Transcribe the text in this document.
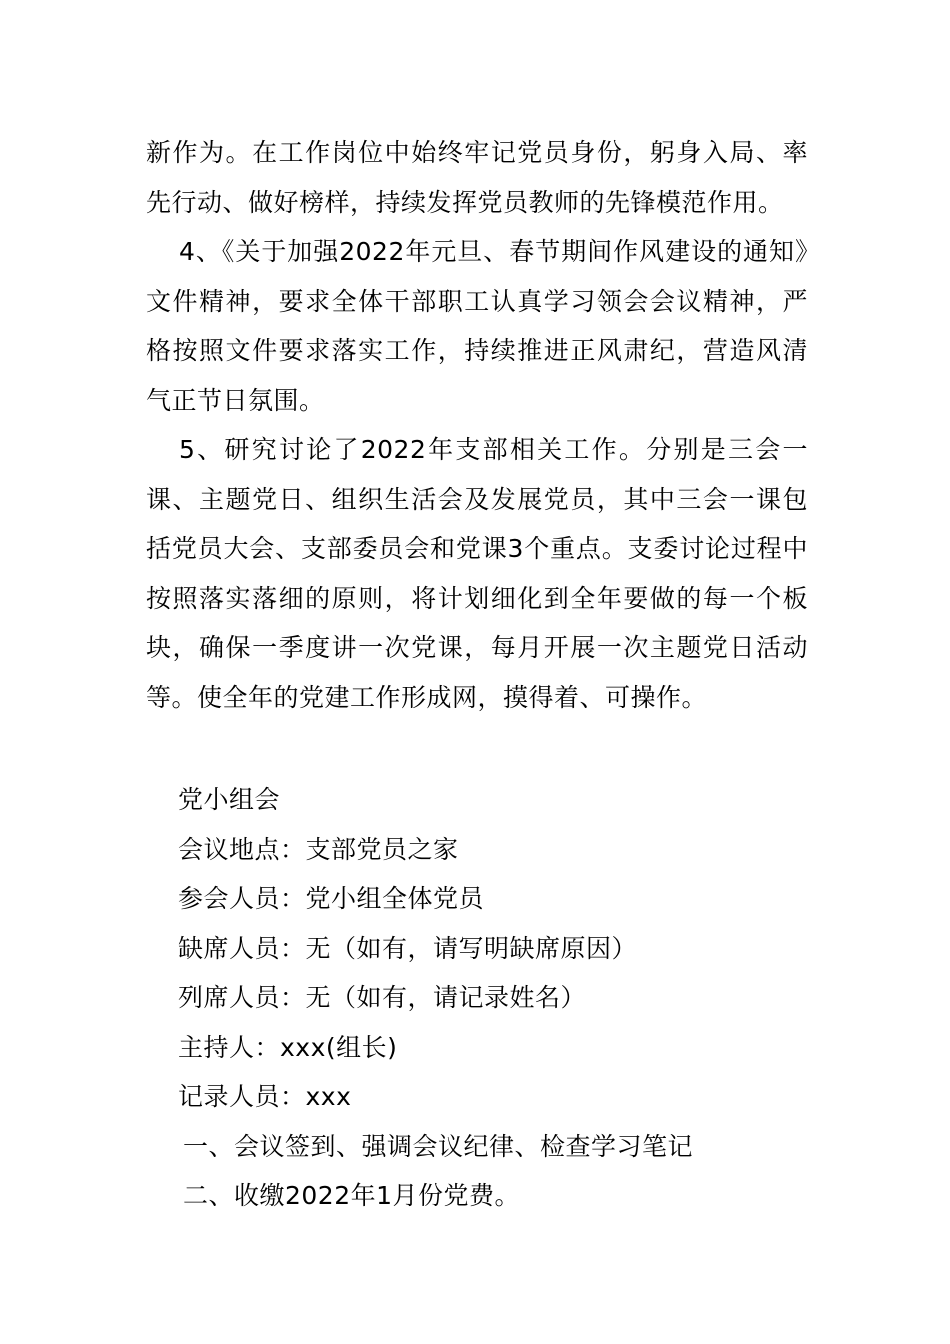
新作为。在工作岗位中始终牢记党员身份，躬身入局、率先行动、做好榜样，持续发挥党员教师的先锋模范作用。

4、《关于加强2022年元旦、春节期间作风建设的通知》文件精神，要求全体干部职工认真学习领会会议精神，严格按照文件要求落实工作，持续推进正风肃纪，营造风清气正节日氛围。

5、研究讨论了2022年支部相关工作。分别是三会一课、主题党日、组织生活会及发展党员，其中三会一课包括党员大会、支部委员会和党课3个重点。支委讨论过程中按照落实落细的原则，将计划细化到全年要做的每一个板块，确保一季度讲一次党课，每月开展一次主题党日活动等。使全年的党建工作形成网，摸得着、可操作。

党小组会

会议地点：支部党员之家

参会人员：党小组全体党员

缺席人员：无（如有，请写明缺席原因）

列席人员：无（如有，请记录姓名）

主持人：xxx(组长)

记录人员：xxx

一、会议签到、强调会议纪律、检查学习笔记

二、收缴2022年1月份党费。
